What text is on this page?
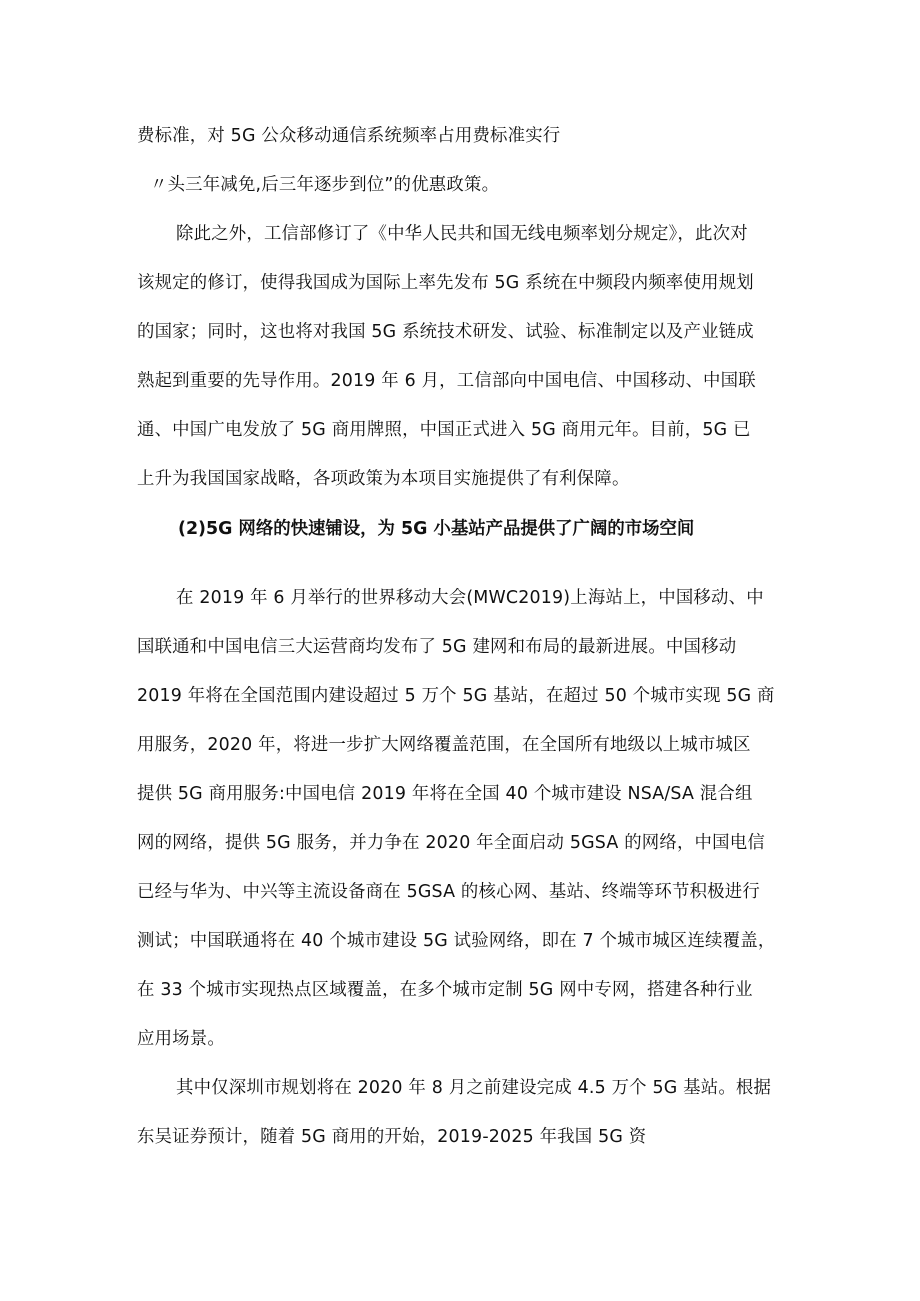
费标准，对 5G 公众移动通信系统频率占用费标准实行
〃头三年减免,后三年逐步到位”的优惠政策。
除此之外，工信部修订了《中华人民共和国无线电频率划分规定》，此次对
该规定的修订，使得我国成为国际上率先发布 5G 系统在中频段内频率使用规划
的国家；同时，这也将对我国 5G 系统技术研发、试验、标准制定以及产业链成
熟起到重要的先导作用。2019 年 6 月，工信部向中国电信、中国移动、中国联
通、中国广电发放了 5G 商用牌照，中国正式进入 5G 商用元年。目前，5G 已
上升为我国国家战略，各项政策为本项目实施提供了有利保障。
(2)5G 网络的快速铺设，为 5G 小基站产品提供了广阔的市场空间
在 2019 年 6 月举行的世界移动大会(MWC2019)上海站上，中国移动、中
国联通和中国电信三大运营商均发布了 5G 建网和布局的最新进展。中国移动
2019 年将在全国范围内建设超过 5 万个 5G 基站，在超过 50 个城市实现 5G 商
用服务，2020 年，将进一步扩大网络覆盖范围，在全国所有地级以上城市城区
提供 5G 商用服务:中国电信 2019 年将在全国 40 个城市建设 NSA/SA 混合组
网的网络，提供 5G 服务，并力争在 2020 年全面启动 5GSA 的网络，中国电信
已经与华为、中兴等主流设备商在 5GSA 的核心网、基站、终端等环节积极进行
测试；中国联通将在 40 个城市建设 5G 试验网络，即在 7 个城市城区连续覆盖，
在 33 个城市实现热点区域覆盖，在多个城市定制 5G 网中专网，搭建各种行业
应用场景。
其中仅深圳市规划将在 2020 年 8 月之前建设完成 4.5 万个 5G 基站。根据
东吴证券预计，随着 5G 商用的开始，2019-2025 年我国 5G 资
